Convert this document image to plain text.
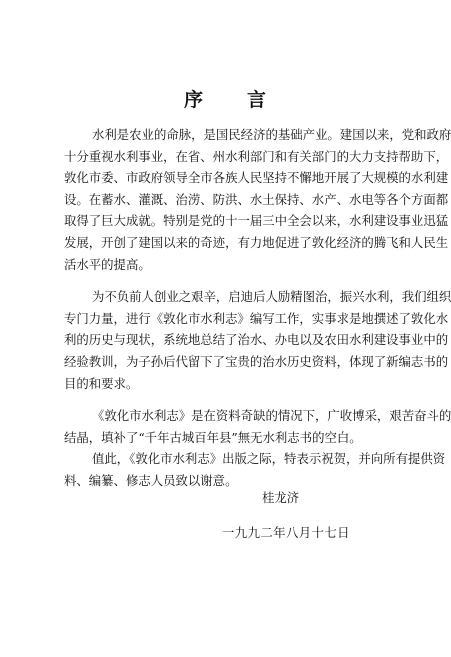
序言
水利是农业的命脉，是国民经济的基础产业。建国以来，党和政府
十分重视水利事业，在省、州水利部门和有关部门的大力支持帮助下，
敦化市委、市政府领导全市各族人民坚持不懈地开展了大规模的水利建
设。在蓄水、灌溉、治涝、防洪、水土保持、水产、水电等各个方面都
取得了巨大成就。特别是党的十一届三中全会以来，水利建设事业迅猛
发展，开创了建国以来的奇迹，有力地促进了敦化经济的腾飞和人民生
活水平的提高。
为不负前人创业之艰辛，启迪后人励精图治，振兴水利，我们组织
专门力量，进行《敦化市水利志》编写工作，实事求是地撰述了敦化水
利的历史与现状，系统地总结了治水、办电以及农田水利建设事业中的
经验教训，为子孙后代留下了宝贵的治水历史资料，体现了新编志书的
目的和要求。
《敦化市水利志》是在资料奇缺的情况下，广收博采，艰苦奋斗的
结晶，填补了“千年古城百年县”無无水利志书的空白。
值此，《敦化市水利志》出版之际，特表示祝贺，并向所有提供资
料、编纂、修志人员致以谢意。
桂龙济
一九九二年八月十七日
